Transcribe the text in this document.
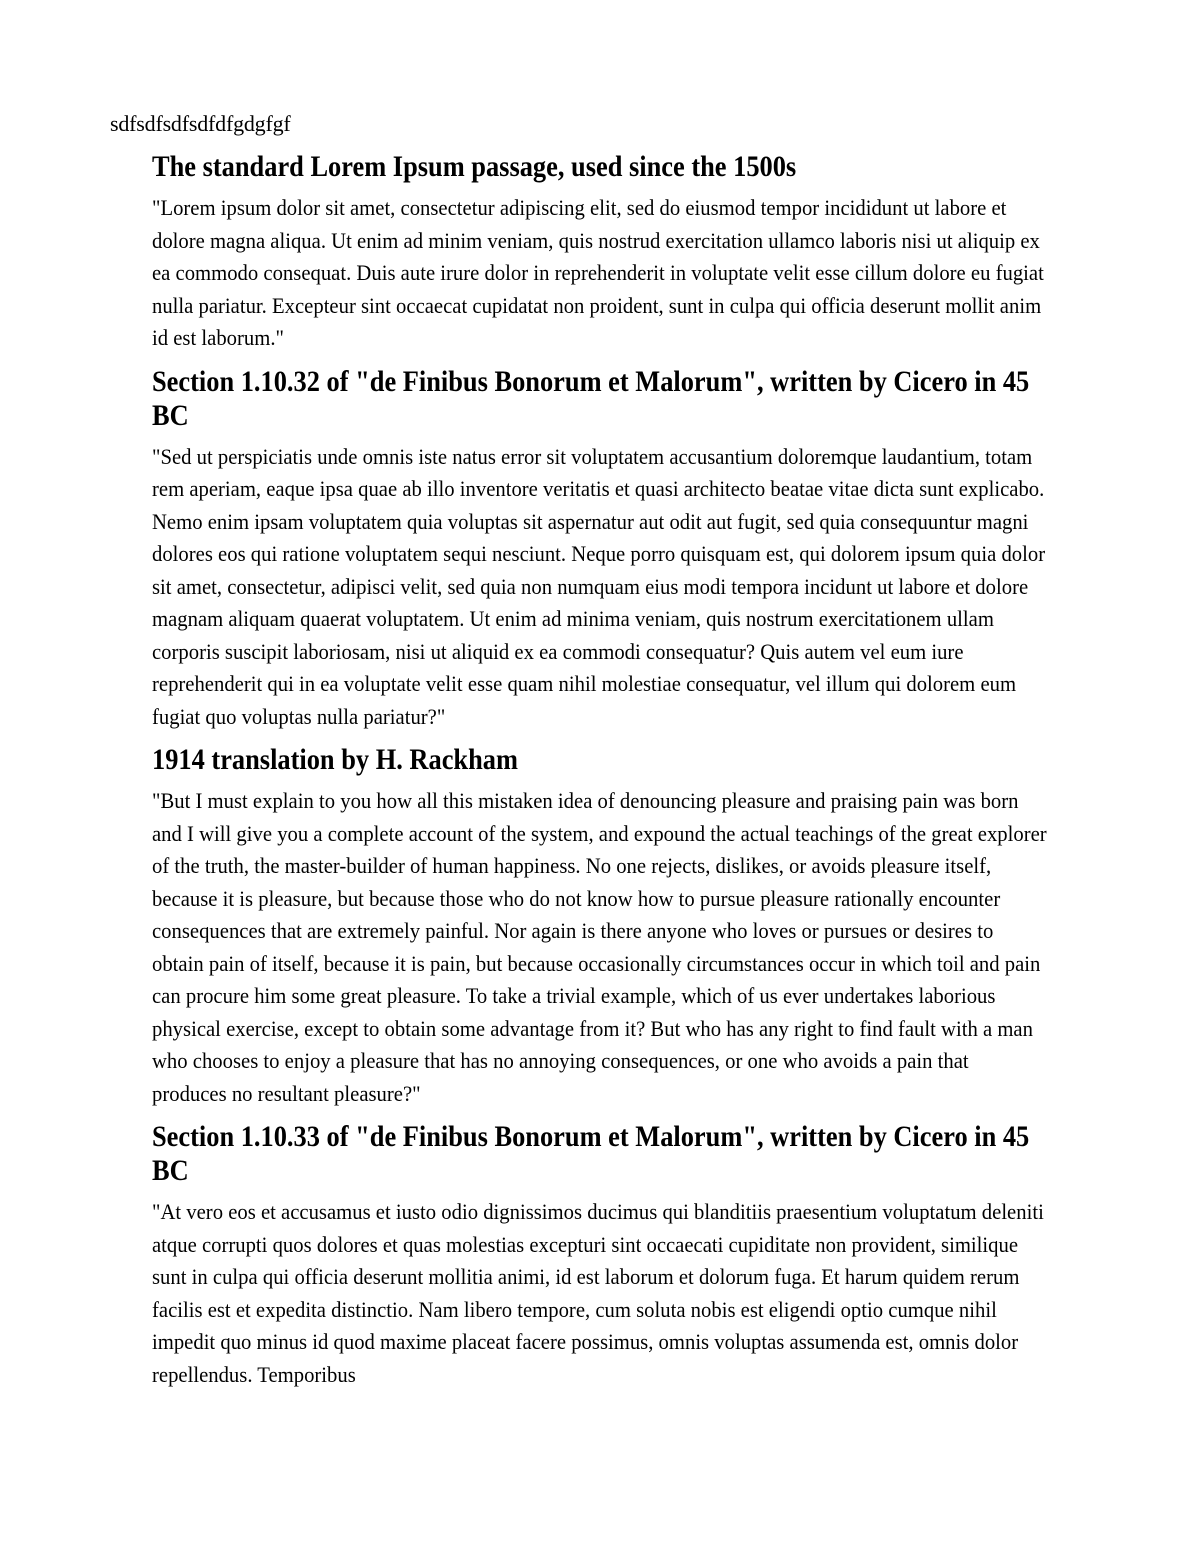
sdfsdfsdfsdfdfgdgfgf

The standard Lorem Ipsum passage, used since the 1500s

"Lorem ipsum dolor sit amet, consectetur adipiscing elit, sed do eiusmod tempor incididunt ut labore et dolore magna aliqua. Ut enim ad minim veniam, quis nostrud exercitation ullamco laboris nisi ut aliquip ex ea commodo consequat. Duis aute irure dolor in reprehenderit in voluptate velit esse cillum dolore eu fugiat nulla pariatur. Excepteur sint occaecat cupidatat non proident, sunt in culpa qui officia deserunt mollit anim id est laborum."

Section 1.10.32 of "de Finibus Bonorum et Malorum", written by Cicero in 45 BC

"Sed ut perspiciatis unde omnis iste natus error sit voluptatem accusantium doloremque laudantium, totam rem aperiam, eaque ipsa quae ab illo inventore veritatis et quasi architecto beatae vitae dicta sunt explicabo. Nemo enim ipsam voluptatem quia voluptas sit aspernatur aut odit aut fugit, sed quia consequuntur magni dolores eos qui ratione voluptatem sequi nesciunt. Neque porro quisquam est, qui dolorem ipsum quia dolor sit amet, consectetur, adipisci velit, sed quia non numquam eius modi tempora incidunt ut labore et dolore magnam aliquam quaerat voluptatem. Ut enim ad minima veniam, quis nostrum exercitationem ullam corporis suscipit laboriosam, nisi ut aliquid ex ea commodi consequatur? Quis autem vel eum iure reprehenderit qui in ea voluptate velit esse quam nihil molestiae consequatur, vel illum qui dolorem eum fugiat quo voluptas nulla pariatur?"

1914 translation by H. Rackham

"But I must explain to you how all this mistaken idea of denouncing pleasure and praising pain was born and I will give you a complete account of the system, and expound the actual teachings of the great explorer of the truth, the master-builder of human happiness. No one rejects, dislikes, or avoids pleasure itself, because it is pleasure, but because those who do not know how to pursue pleasure rationally encounter consequences that are extremely painful. Nor again is there anyone who loves or pursues or desires to obtain pain of itself, because it is pain, but because occasionally circumstances occur in which toil and pain can procure him some great pleasure. To take a trivial example, which of us ever undertakes laborious physical exercise, except to obtain some advantage from it? But who has any right to find fault with a man who chooses to enjoy a pleasure that has no annoying consequences, or one who avoids a pain that produces no resultant pleasure?"

Section 1.10.33 of "de Finibus Bonorum et Malorum", written by Cicero in 45 BC

"At vero eos et accusamus et iusto odio dignissimos ducimus qui blanditiis praesentium voluptatum deleniti atque corrupti quos dolores et quas molestias excepturi sint occaecati cupiditate non provident, similique sunt in culpa qui officia deserunt mollitia animi, id est laborum et dolorum fuga. Et harum quidem rerum facilis est et expedita distinctio. Nam libero tempore, cum soluta nobis est eligendi optio cumque nihil impedit quo minus id quod maxime placeat facere possimus, omnis voluptas assumenda est, omnis dolor repellendus. Temporibus
